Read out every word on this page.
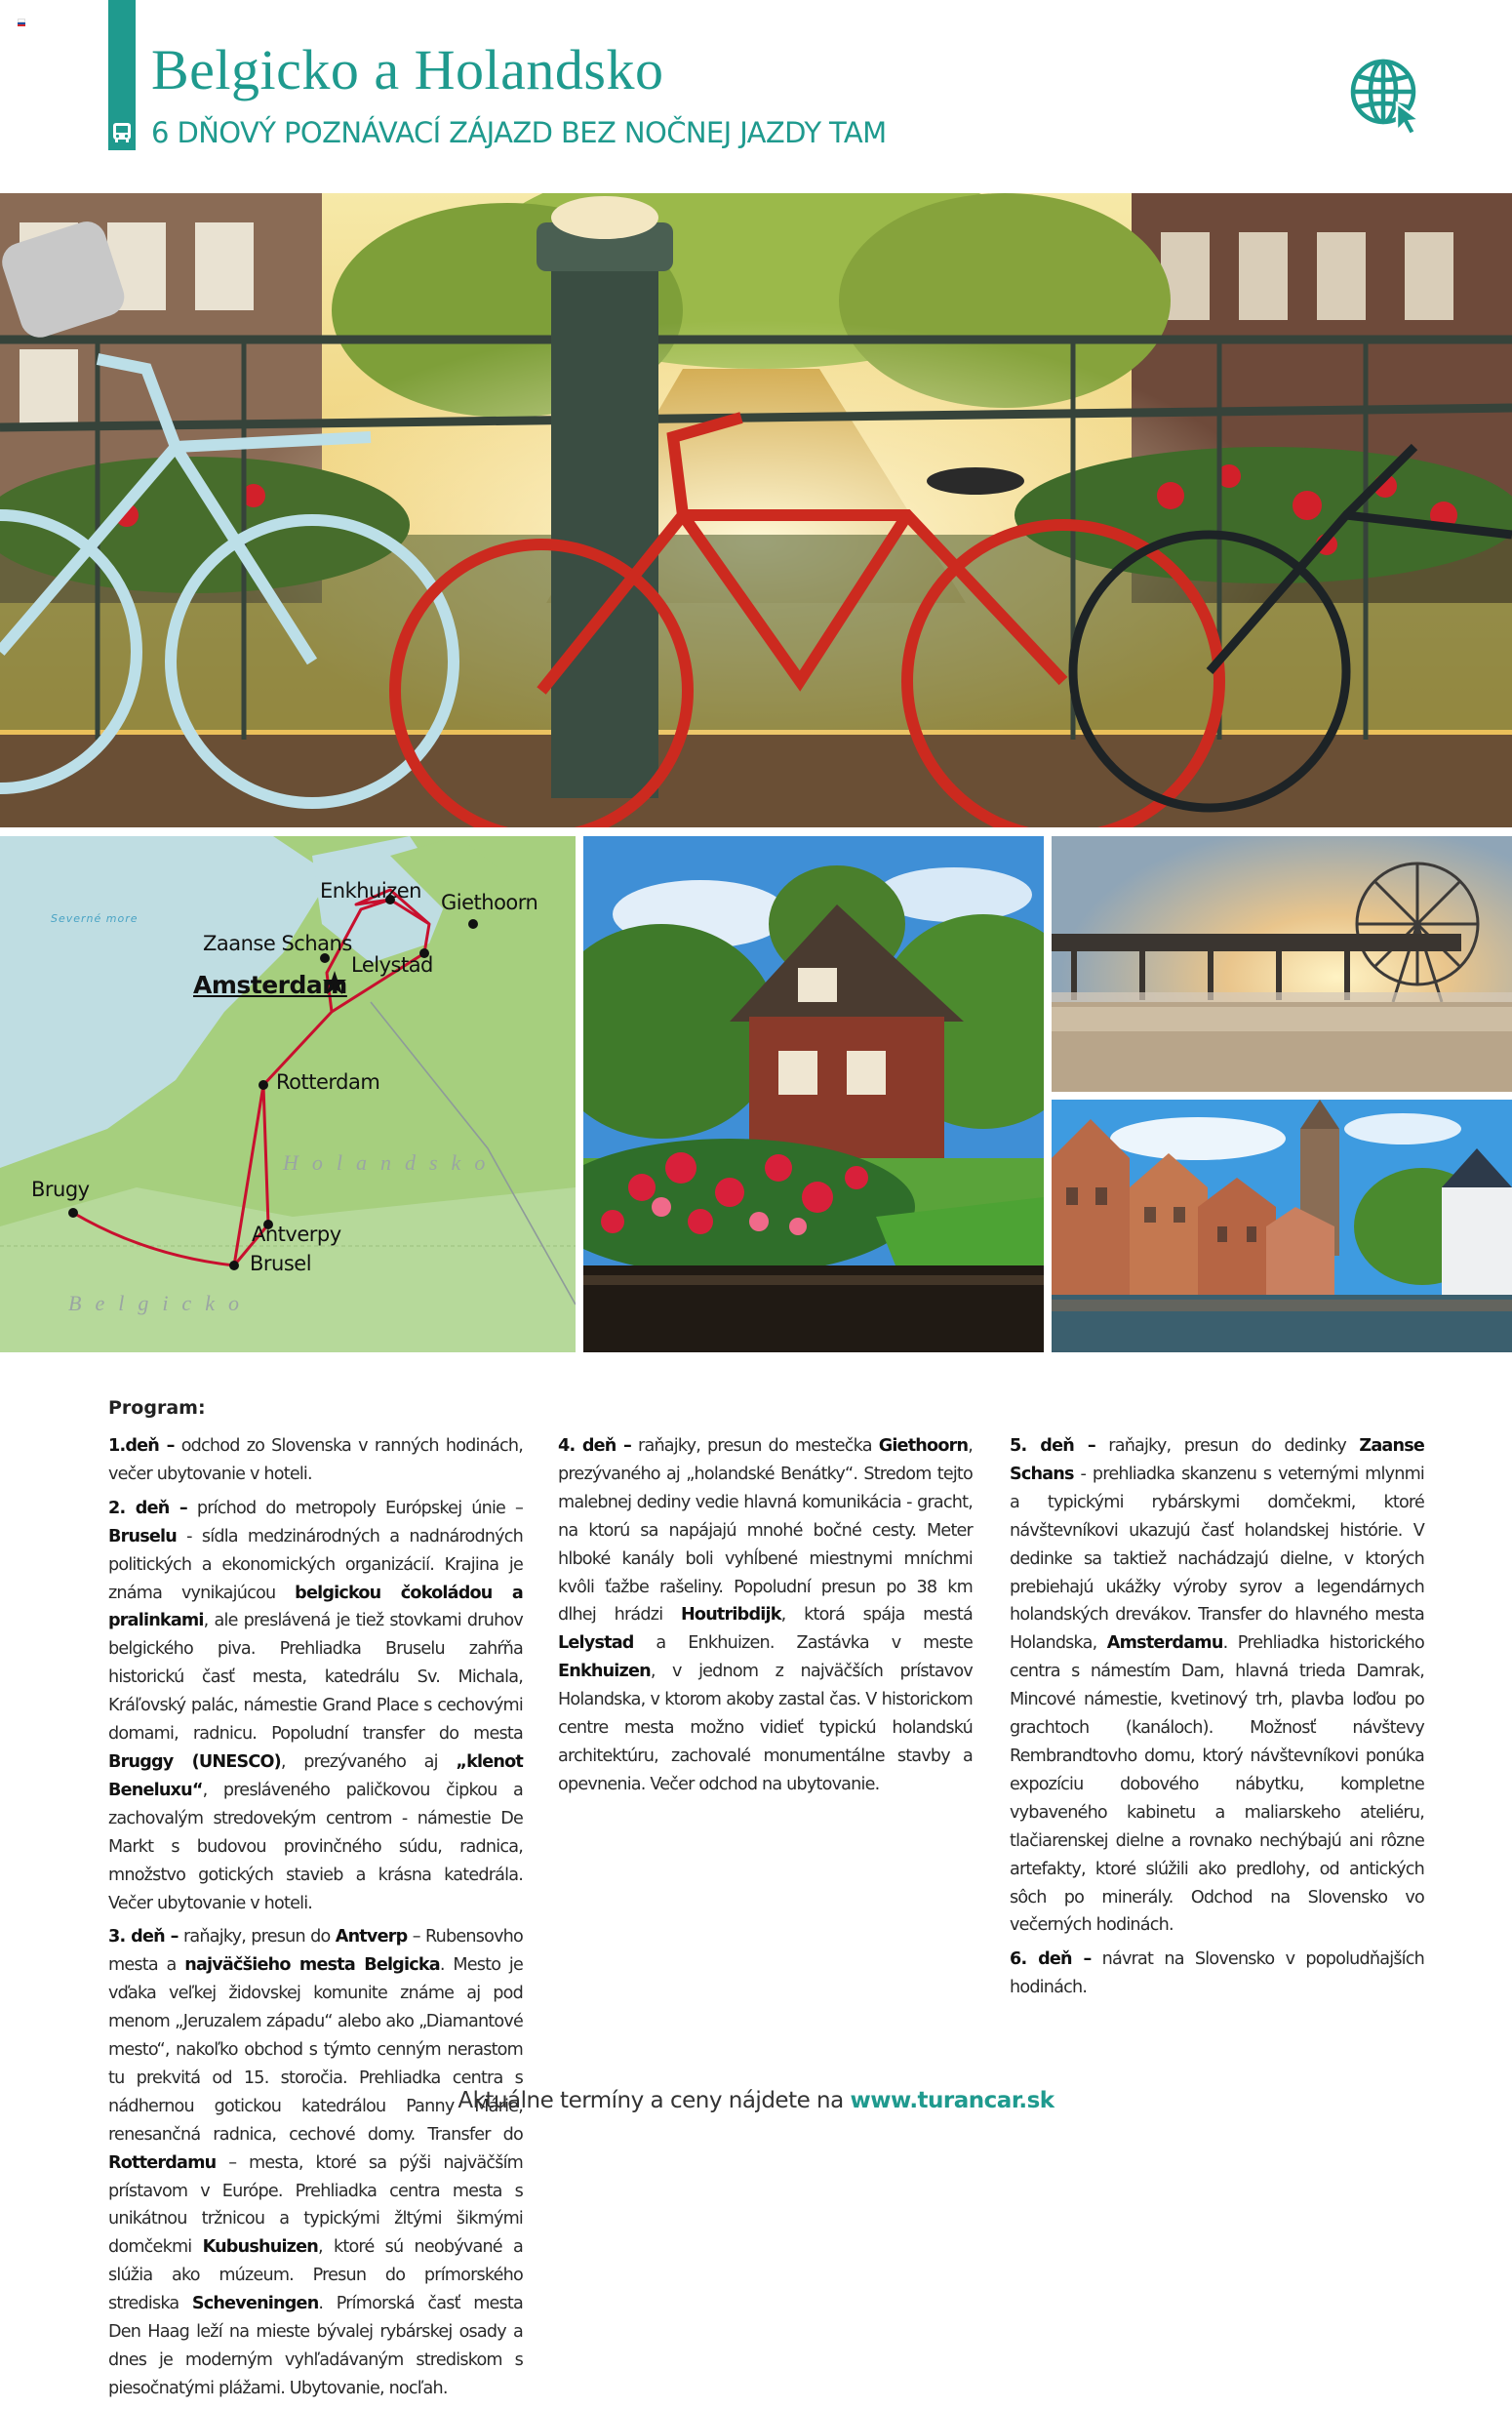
Belgicko a Holandsko
6 DŇOVÝ POZNÁVACÍ ZÁJAZD BEZ NOČNEJ JAZDY TAM
Severné more
Enkhuizen Giethoorn
Zaanse Schans
Lelystad
Amsterdam
Rotterdam
Holandsko
Brugy
Antverpy
Brusel
Belgicko
Program:

1.deň – odchod zo Slovenska v ranných hodinách, večer ubytovanie v hoteli.

2. deň – príchod do metropoly Európskej únie – Bruselu - sídla medzinárodných a nadnárodných politických a ekonomických organizácií. Krajina je známa vynikajúcou belgickou čokoládou a pralinkami, ale preslávená je tiež stovkami druhov belgického piva. Prehliadka Bruselu zahŕňa historickú časť mesta, katedrálu Sv. Michala, Kráľovský palác, námestie Grand Place s cechovými domami, radnicu. Popoludní transfer do mesta Bruggy (UNESCO), prezývaného aj „klenot Beneluxu“, presláveného paličkovou čipkou a zachovalým stredovekým centrom - námestie De Markt s budovou provinčného súdu, radnica, množstvo gotických stavieb a krásna katedrála. Večer ubytovanie v hoteli.

3. deň – raňajky, presun do Antverp – Rubensovho mesta a najväčšieho mesta Belgicka. Mesto je vďaka veľkej židovskej komunite známe aj pod menom „Jeruzalem západu“ alebo ako „Diamantové mesto“, nakoľko obchod s týmto cenným nerastom tu prekvitá od 15. storočia. Prehliadka centra s nádhernou gotickou katedrálou Panny Márie, renesančná radnica, cechové domy. Transfer do Rotterdamu – mesta, ktoré sa pýši najväčším prístavom v Európe. Prehliadka centra mesta s unikátnou tržnicou a typickými žltými šikmými domčekmi Kubushuizen, ktoré sú neobývané a slúžia ako múzeum. Presun do prímorského strediska Scheveningen. Prímorská časť mesta Den Haag leží na mieste bývalej rybárskej osady a dnes je moderným vyhľadávaným strediskom s piesočnatými plážami. Ubytovanie, nocľah.

4. deň – raňajky, presun do mestečka Giethoorn, prezývaného aj „holandské Benátky“. Stredom tejto malebnej dediny vedie hlavná komunikácia - gracht, na ktorú sa napájajú mnohé bočné cesty. Meter hlboké kanály boli vyhĺbené miestnymi mníchmi kvôli ťažbe rašeliny. Popoludní presun po 38 km dlhej hrádzi Houtribdijk, ktorá spája mestá Lelystad a Enkhuizen. Zastávka v meste Enkhuizen, v jednom z najväčších prístavov Holandska, v ktorom akoby zastal čas. V historickom centre mesta možno vidieť typickú holandskú architektúru, zachovalé monumentálne stavby a opevnenia. Večer odchod na ubytovanie.

5. deň – raňajky, presun do dedinky Zaanse Schans - prehliadka skanzenu s veternými mlynmi a typickými rybárskymi domčekmi, ktoré návštevníkovi ukazujú časť holandskej histórie. V dedinke sa taktiež nachádzajú dielne, v ktorých prebiehajú ukážky výroby syrov a legendárnych holandských drevákov. Transfer do hlavného mesta Holandska, Amsterdamu. Prehliadka historického centra s námestím Dam, hlavná trieda Damrak, Mincové námestie, kvetinový trh, plavba loďou po grachtoch (kanáloch). Možnosť návštevy Rembrandtovho domu, ktorý návštevníkovi ponúka expozíciu dobového nábytku, kompletne vybaveného kabinetu a maliarskeho ateliéru, tlačiarenskej dielne a rovnako nechýbajú ani rôzne artefakty, ktoré slúžili ako predlohy, od antických sôch po minerály. Odchod na Slovensko vo večerných hodinách.

6. deň – návrat na Slovensko v popoludňajších hodinách.

Aktuálne termíny a ceny nájdete na www.turancar.sk
